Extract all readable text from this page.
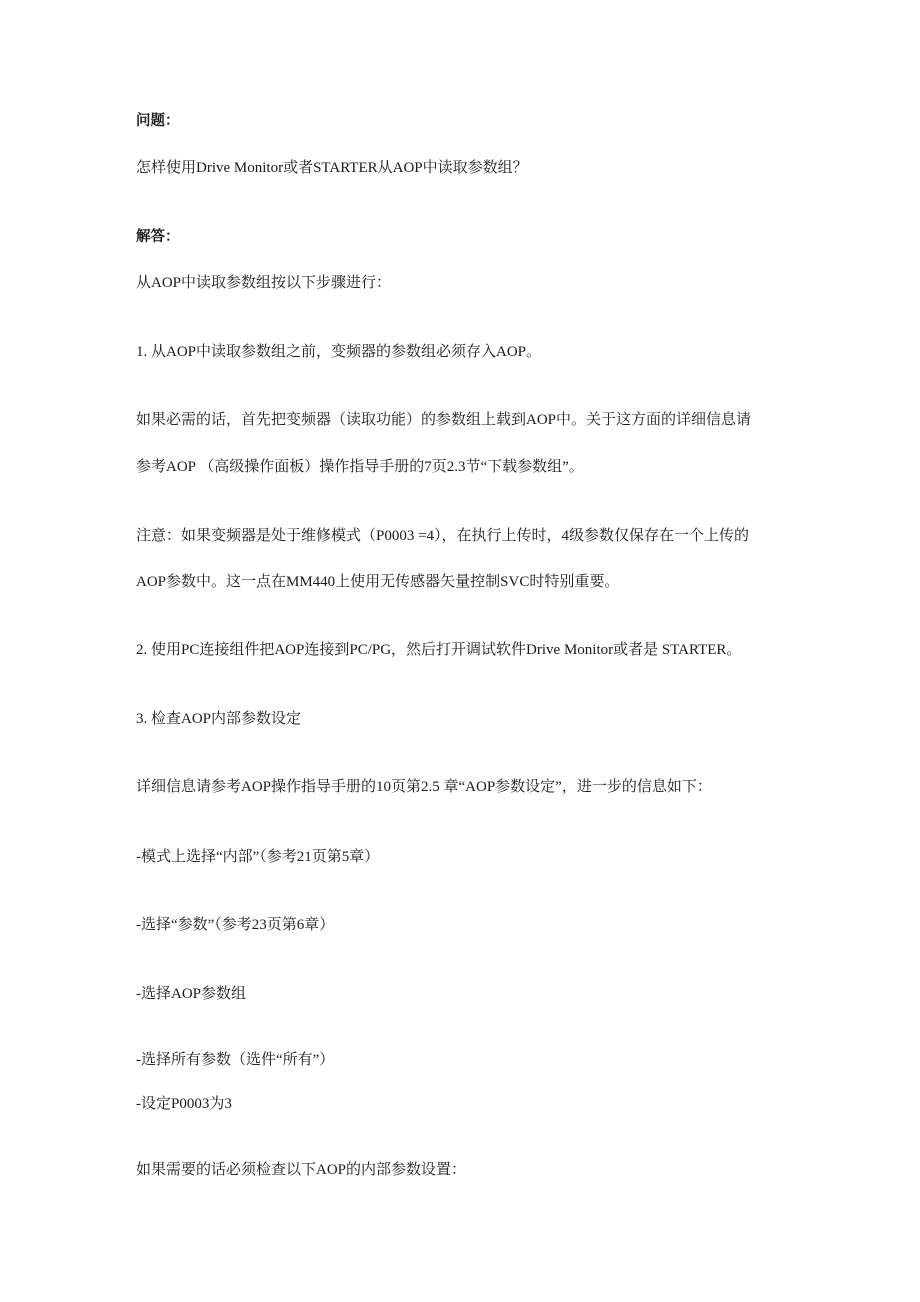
问题：
怎样使用Drive Monitor或者STARTER从AOP中读取参数组？
解答：
从AOP中读取参数组按以下步骤进行：
1. 从AOP中读取参数组之前，变频器的参数组必须存入AOP。
如果必需的话，首先把变频器（读取功能）的参数组上载到AOP中。关于这方面的详细信息请
参考AOP （高级操作面板）操作指导手册的7页2.3节“下载参数组”。
注意：如果变频器是处于维修模式（P0003 =4），在执行上传时，4级参数仅保存在一个上传的
AOP参数中。这一点在MM440上使用无传感器矢量控制SVC时特别重要。
2. 使用PC连接组件把AOP连接到PC/PG，然后打开调试软件Drive Monitor或者是 STARTER。
3. 检查AOP内部参数设定
详细信息请参考AOP操作指导手册的10页第2.5 章“AOP参数设定”，进一步的信息如下：
-模式上选择“内部”（参考21页第5章）
-选择“参数”（参考23页第6章）
-选择AOP参数组
-选择所有参数（选件“所有”）
-设定P0003为3
如果需要的话必须检查以下AOP的内部参数设置：
